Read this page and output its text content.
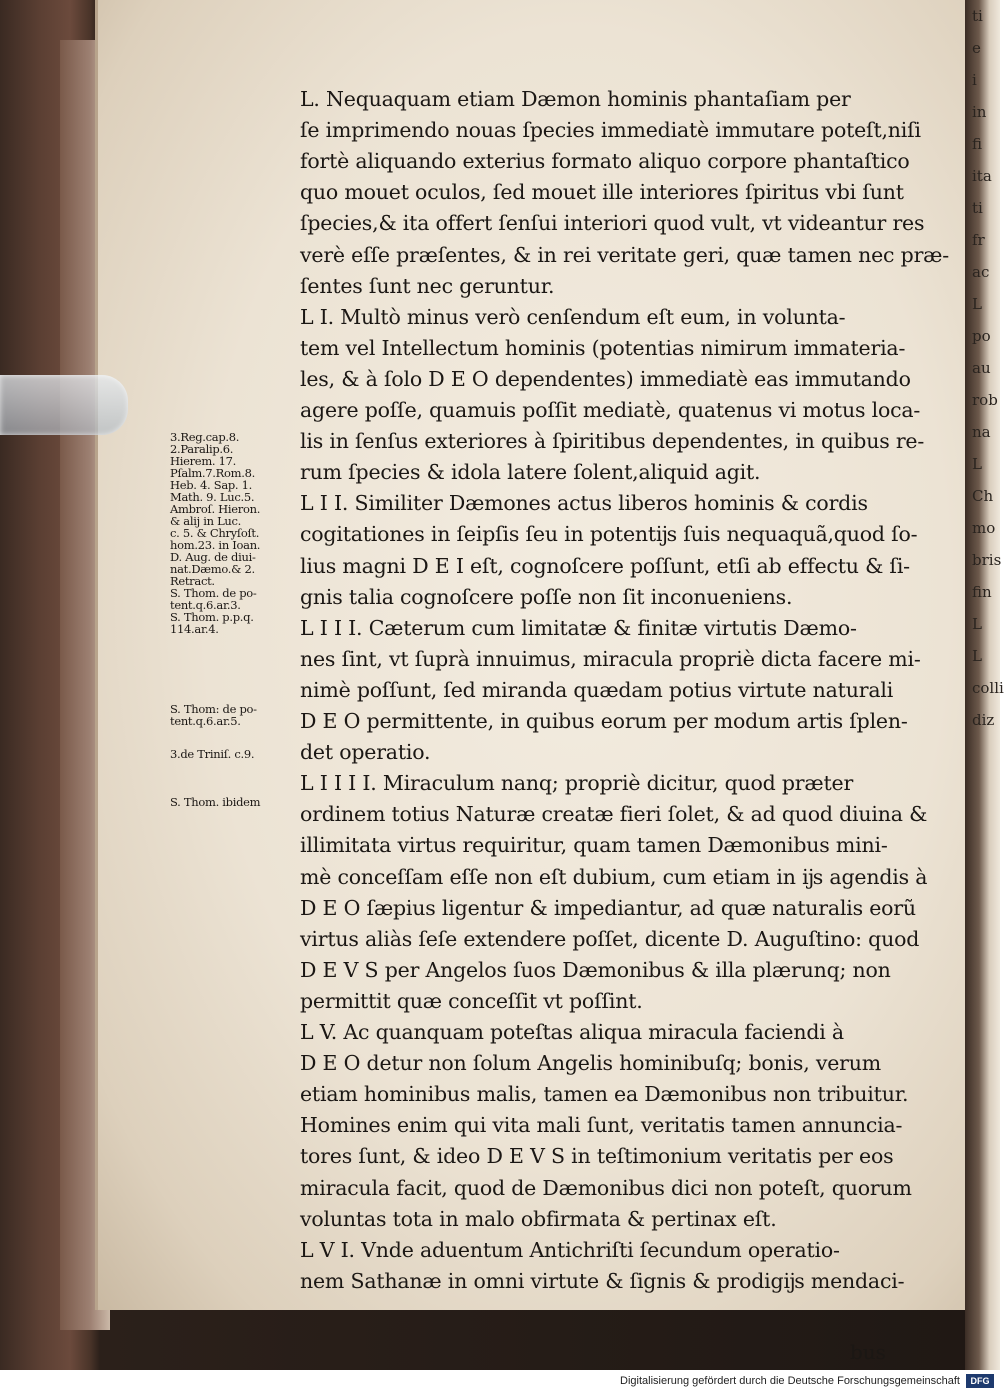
ti
e
i
in
fi
ita
ti
fr
ac
L
po
au
rob
na
L
Ch
mo
bris
fin
L
L
colli
diz
L. Nequaquam etiam Dæmon hominis phantaſiam per
ſe imprimendo nouas ſpecies immediatè immutare poteſt,niſi
fortè aliquando exterius formato aliquo corpore phantaſtico
quo mouet oculos, ſed mouet ille interiores ſpiritus vbi ſunt
ſpecies,& ita offert ſenſui interiori quod vult, vt videantur res
verè eſſe præſentes, & in rei veritate geri, quæ tamen nec præ-
ſentes ſunt nec geruntur.
L I. Multò minus verò cenſendum eſt eum, in volunta-
tem vel Intellectum hominis (potentias nimirum immateria-
les, & à ſolo D E O dependentes) immediatè eas immutando
agere poſſe, quamuis poſſit mediatè, quatenus vi motus loca-
lis in ſenſus exteriores à ſpiritibus dependentes, in quibus re-
rum ſpecies & idola latere ſolent,aliquid agit.
L I I. Similiter Dæmones actus liberos hominis & cordis
cogitationes in ſeipſis ſeu in potentĳs ſuis nequaquã,quod ſo-
lius magni D E I eſt, cognoſcere poſſunt, etſi ab effectu & ſi-
gnis talia cognoſcere poſſe non ſit inconueniens.
L I I I. Cæterum cum limitatæ & finitæ virtutis Dæmo-
nes ſint, vt ſuprà innuimus, miracula propriè dicta facere mi-
nimè poſſunt, ſed miranda quædam potius virtute naturali
D E O permittente, in quibus eorum per modum artis ſplen-
det operatio.
L I I I I. Miraculum nanq; propriè dicitur, quod præter
ordinem totius Naturæ creatæ fieri ſolet, & ad quod diuina &
illimitata virtus requiritur, quam tamen Dæmonibus mini-
mè conceſſam eſſe non eſt dubium, cum etiam in ĳs agendis à
D E O ſæpius ligentur & impediantur, ad quæ naturalis eorũ
virtus aliàs ſeſe extendere poſſet, dicente D. Auguſtino: quod
D E V S per Angelos ſuos Dæmonibus & illa plærunq; non
permittit quæ conceſſit vt poſſint.
L V. Ac quanquam poteſtas aliqua miracula faciendi à
D E O detur non ſolum Angelis hominibuſq; bonis, verum
etiam hominibus malis, tamen ea Dæmonibus non tribuitur.
Homines enim qui vita mali ſunt, veritatis tamen annuncia-
tores ſunt, & ideo D E V S in teſtimonium veritatis per eos
miracula facit, quod de Dæmonibus dici non poteſt, quorum
voluntas tota in malo obfirmata & pertinax eſt.
L V I. Vnde aduentum Antichriſti ſecundum operatio-
nem Sathanæ in omni virtute & ſignis & prodigĳs mendaci-
3.Reg.cap.8.
2.Paralip.6.
Hierem. 17.
Pſalm.7.Rom.8.
Heb. 4. Sap. 1.
Math. 9. Luc.5.
Ambroſ. Hieron.
& alij in Luc.
c. 5. & Chryſoſt.
hom.23. in Ioan.
D. Aug. de diui-
nat.Dæmo.& 2.
Retract.
S. Thom. de po-
tent.q.6.ar.3.
S. Thom. p.p.q.
114.ar.4.
S. Thom: de po-
tent.q.6.ar.5.
3.de Triniſ. c.9.
S. Thom. ibidem
bus
Digitalisierung gefördert durch die Deutsche Forschungsgemeinschaft	DFG
